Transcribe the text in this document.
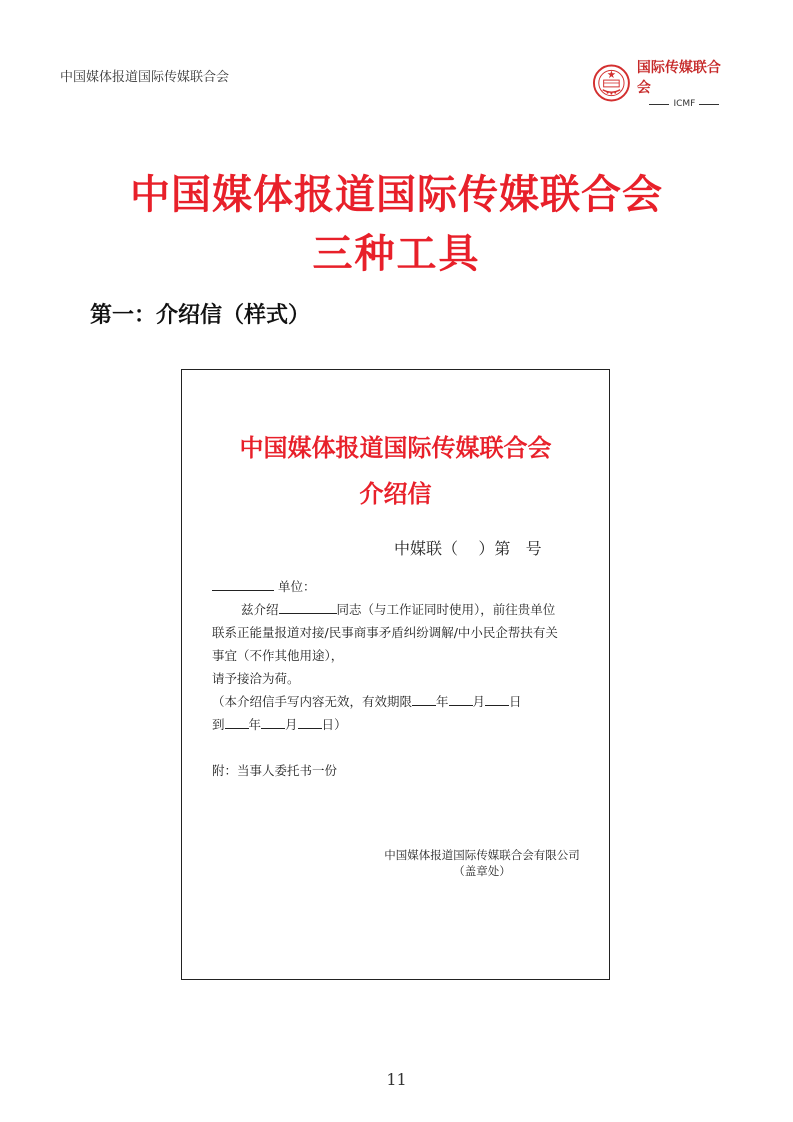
中国媒体报道国际传媒联合会
国际传媒联合会
ICMF
中国媒体报道国际传媒联合会
三种工具
第一：介绍信（样式）
中国媒体报道国际传媒联合会
介绍信
中媒联（    ）第   号

单位：

兹介绍	同志（与工作证同时使用），前往贵单位

联系正能量报道对接/民事商事矛盾纠纷调解/中小民企帮扶有关

事宜（不作其他用途），

请予接洽为荷。

（本介绍信手写内容无效，有效期限 年 月 日

到 年 月 日）

附：当事人委托书一份

中国媒体报道国际传媒联合会有限公司
（盖章处）
11
